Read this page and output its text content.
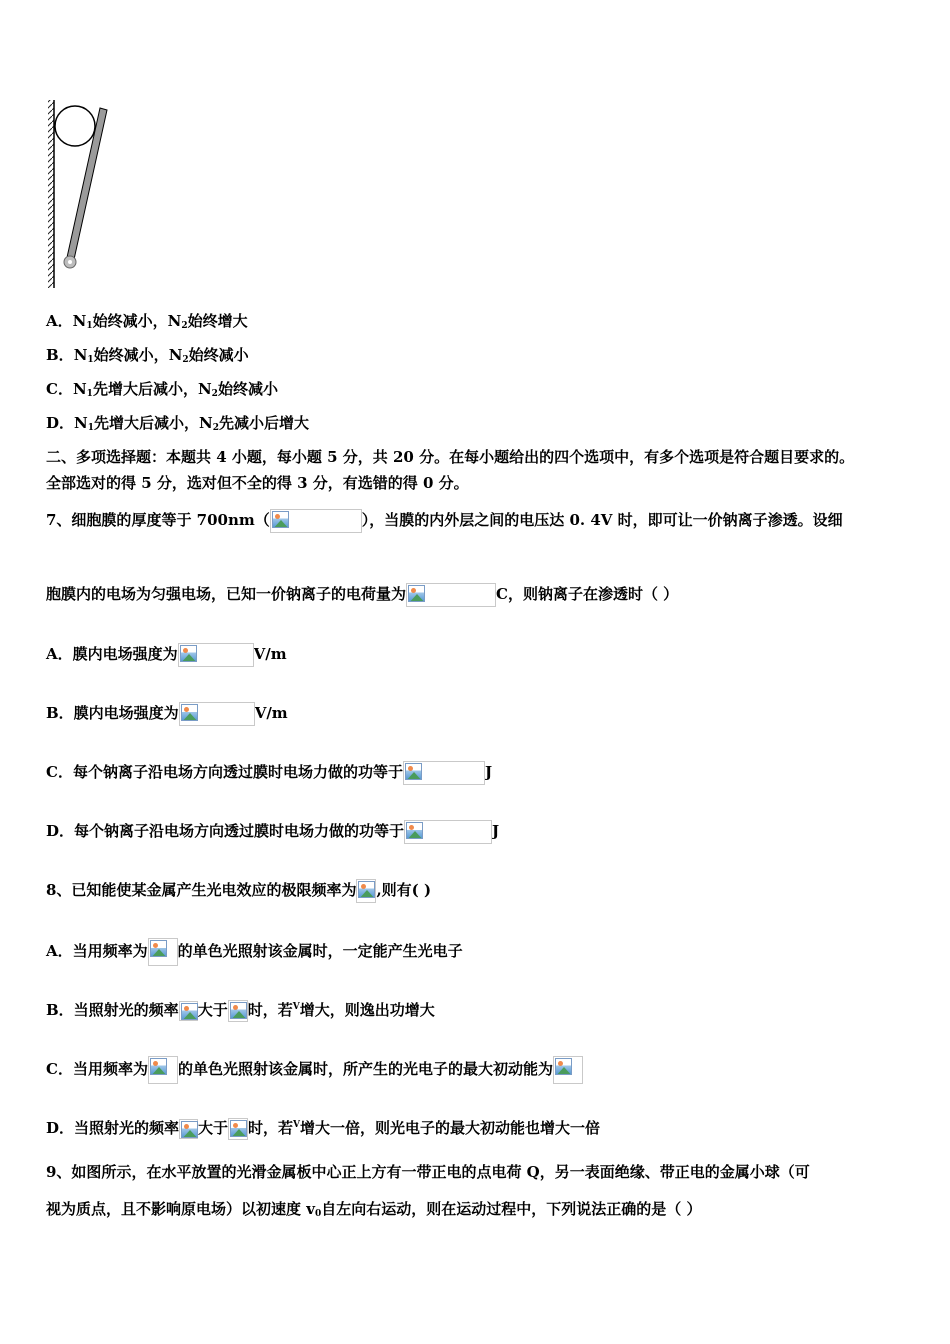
A．$N_1$始终减小，$N_2$始终增大
B．$N_1$始终减小，$N_2$始终减小
C．$N_1$先增大后减小，$N_2$始终减小
D．$N_1$先增大后减小，$N_2$先减小后增大
二、多项选择题：本题共 4 小题，每小题 5 分，共 20 分。在每小题给出的四个选项中，有多个选项是符合题目要求的。
全部选对的得 5 分，选对但不全的得 3 分，有选错的得 0 分。
7、细胞膜的厚度等于 700nm（	），当膜的内外层之间的电压达 0. 4V 时，即可让一价钠离子渗透。设细
胞膜内的电场为匀强电场，已知一价钠离子的电荷量为	C，则钠离子在渗透时（ ）
A．膜内电场强度为	V/m
B．膜内电场强度为	V/m
C．每个钠离子沿电场方向透过膜时电场力做的功等于	J
D．每个钠离子沿电场方向透过膜时电场力做的功等于	J
8、已知能使某金属产生光电效应的极限频率为 ,则有( )
A．当用频率为 的单色光照射该金属时，一定能产生光电子
B．当照射光的频率 大于 时，若$^V$增大，则逸出功增大
C．当用频率为 的单色光照射该金属时，所产生的光电子的最大初动能为
D．当照射光的频率 大于 时，若$^V$增大一倍，则光电子的最大初动能也增大一倍
9、如图所示，在水平放置的光滑金属板中心正上方有一带正电的点电荷 Q，另一表面绝缘、带正电的金属小球（可
视为质点，且不影响原电场）以初速度 $v_0$自左向右运动，则在运动过程中，下列说法正确的是（ ）
